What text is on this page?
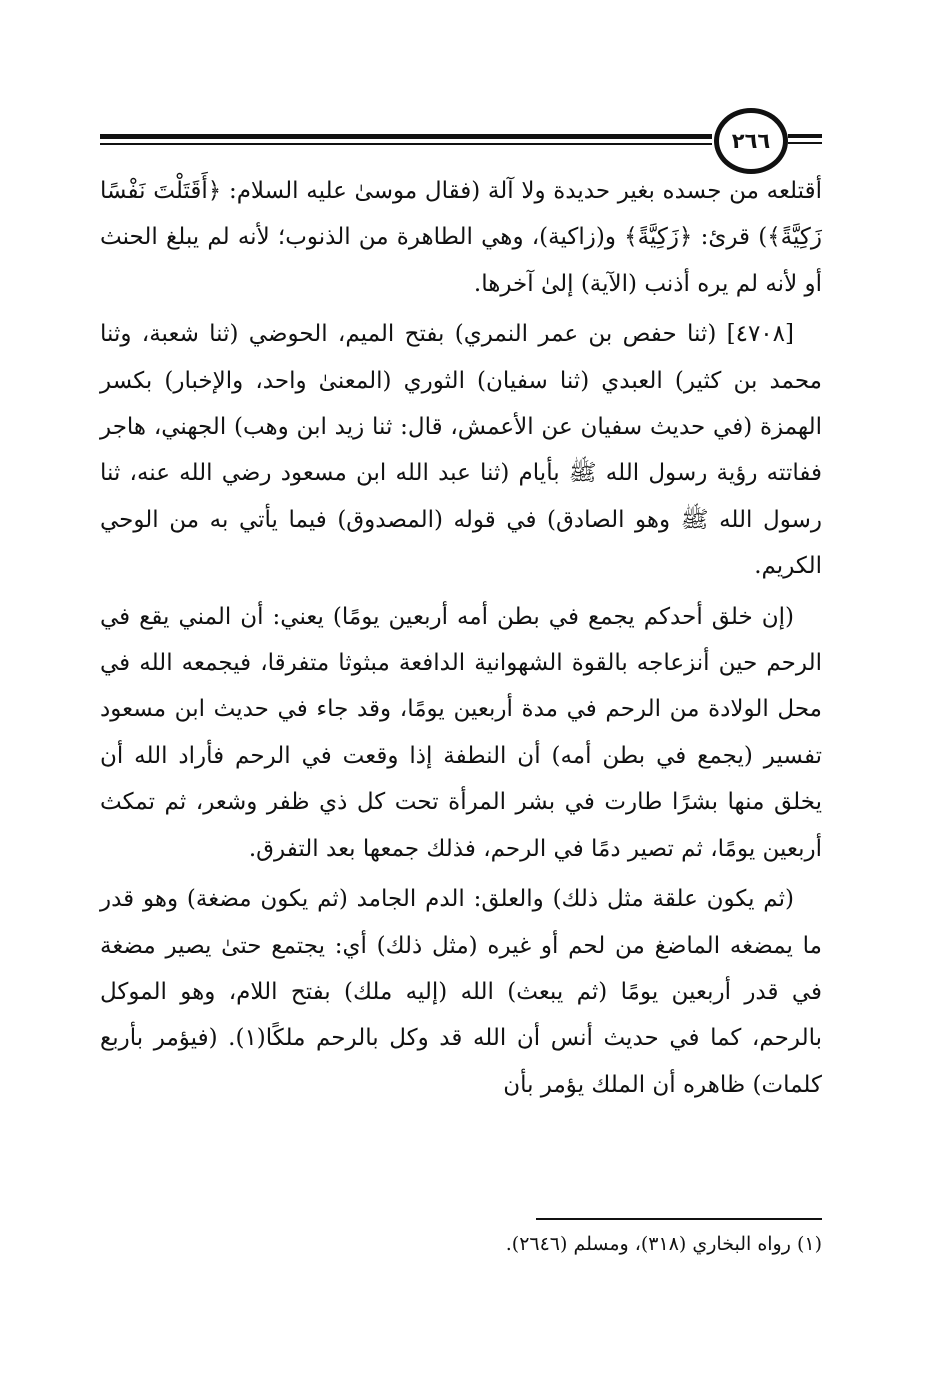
٢٦٦

أقتلعه من جسده بغير حديدة ولا آلة (فقال موسىٰ عليه السلام: ﴿أَقَتَلْتَ نَفْسًا زَكِيَّةً﴾) قرئ: ﴿زَكِيَّةً﴾ و(زاكية)، وهي الطاهرة من الذنوب؛ لأنه لم يبلغ الحنث أو لأنه لم يره أذنب (الآية) إلىٰ آخرها.

[٤٧٠٨] (ثنا حفص بن عمر النمري) بفتح الميم، الحوضي (ثنا شعبة، وثنا محمد بن كثير) العبدي (ثنا سفيان) الثوري (المعنىٰ واحد، والإخبار) بكسر الهمزة (في حديث سفيان عن الأعمش، قال: ثنا زيد ابن وهب) الجهني، هاجر ففاتته رؤية رسول الله ﷺ بأيام (ثنا عبد الله ابن مسعود رضي الله عنه، ثنا رسول الله ﷺ وهو الصادق) في قوله (المصدوق) فيما يأتي به من الوحي الكريم.

(إن خلق أحدكم يجمع في بطن أمه أربعين يومًا) يعني: أن المني يقع في الرحم حين أنزعاجه بالقوة الشهوانية الدافعة مبثوثا متفرقا، فيجمعه الله في محل الولادة من الرحم في مدة أربعين يومًا، وقد جاء في حديث ابن مسعود تفسير (يجمع في بطن أمه) أن النطفة إذا وقعت في الرحم فأراد الله أن يخلق منها بشرًا طارت في بشر المرأة تحت كل ذي ظفر وشعر، ثم تمكث أربعين يومًا، ثم تصير دمًا في الرحم، فذلك جمعها بعد التفرق.

(ثم يكون علقة مثل ذلك) والعلق: الدم الجامد (ثم يكون مضغة) وهو قدر ما يمضغه الماضغ من لحم أو غيره (مثل ذلك) أي: يجتمع حتىٰ يصير مضغة في قدر أربعين يومًا (ثم يبعث) الله (إليه ملك) بفتح اللام، وهو الموكل بالرحم، كما في حديث أنس أن الله قد وكل بالرحم ملكًا(١). (فيؤمر بأربع كلمات) ظاهره أن الملك يؤمر بأن

(١) رواه البخاري (٣١٨)، ومسلم (٢٦٤٦).
